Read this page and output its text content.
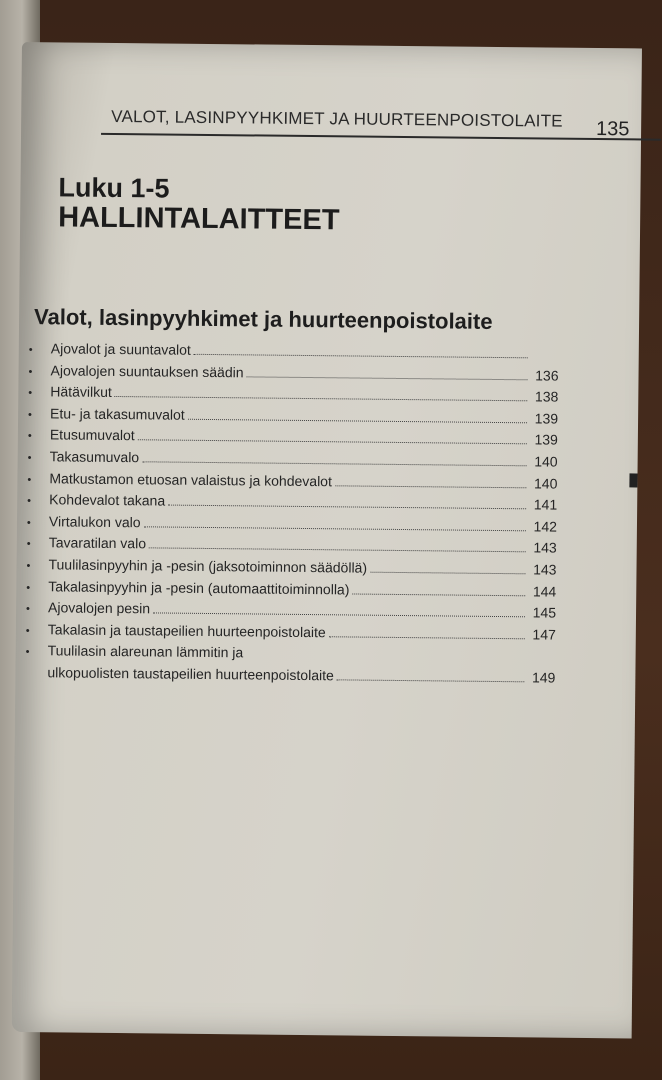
VALOT, LASINPYYHKIMET JA HUURTEENPOISTOLAITE 135
Luku 1-5
HALLINTALAITTEET
Valot, lasinpyyhkimet ja huurteenpoistolaite
•	Ajovalot ja suuntavalot
•	Ajovalojen suuntauksen säädin	136
•	Hätävilkut	138
•	Etu- ja takasumuvalot	139
•	Etusumuvalot	139
•	Takasumuvalo	140
•	Matkustamon etuosan valaistus ja kohdevalot	140
•	Kohdevalot takana	141
•	Virtalukon valo	142
•	Tavaratilan valo	143
•	Tuulilasinpyyhin ja -pesin (jaksotoiminnon säädöllä)	143
•	Takalasinpyyhin ja -pesin (automaattitoiminnolla)	144
•	Ajovalojen pesin	145
•	Takalasin ja taustapeilien huurteenpoistolaite	147
•	Tuulilasin alareunan lämmitin ja
ulkopuolisten taustapeilien huurteenpoistolaite	149
